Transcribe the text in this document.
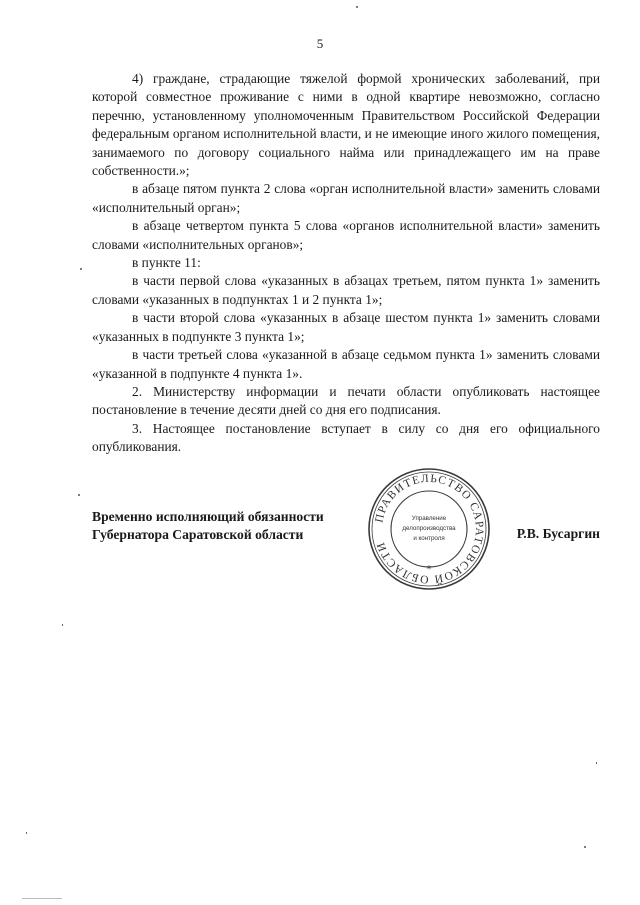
5

4) граждане, страдающие тяжелой формой хронических заболеваний, при которой совместное проживание с ними в одной квартире невозможно, согласно перечню, установленному уполномоченным Правительством Российской Федерации федеральным органом исполнительной власти, и не имеющие иного жилого помещения, занимаемого по договору социального найма или принадлежащего им на праве собственности.»;

в абзаце пятом пункта 2 слова «орган исполнительной власти» заменить словами «исполнительный орган»;

в абзаце четвертом пункта 5 слова «органов исполнительной власти» заменить словами «исполнительных органов»;

в пункте 11:

в части первой слова «указанных в абзацах третьем, пятом пункта 1» заменить словами «указанных в подпунктах 1 и 2 пункта 1»;

в части второй слова «указанных в абзаце шестом пункта 1» заменить словами «указанных в подпункте 3 пункта 1»;

в части третьей слова «указанной в абзаце седьмом пункта 1» заменить словами «указанной в подпункте 4 пункта 1».

2. Министерству информации и печати области опубликовать настоящее постановление в течение десяти дней со дня его подписания.

3. Настоящее постановление вступает в силу со дня его официального опубликования.

Временно исполняющий обязанности
Губернатора Саратовской области
ПРАВИТЕЛЬСТВО САРАТОВСКОЙ ОБЛАСТИ
*
Управление
делопроизводства
и контроля	Р.В. Бусаргин
